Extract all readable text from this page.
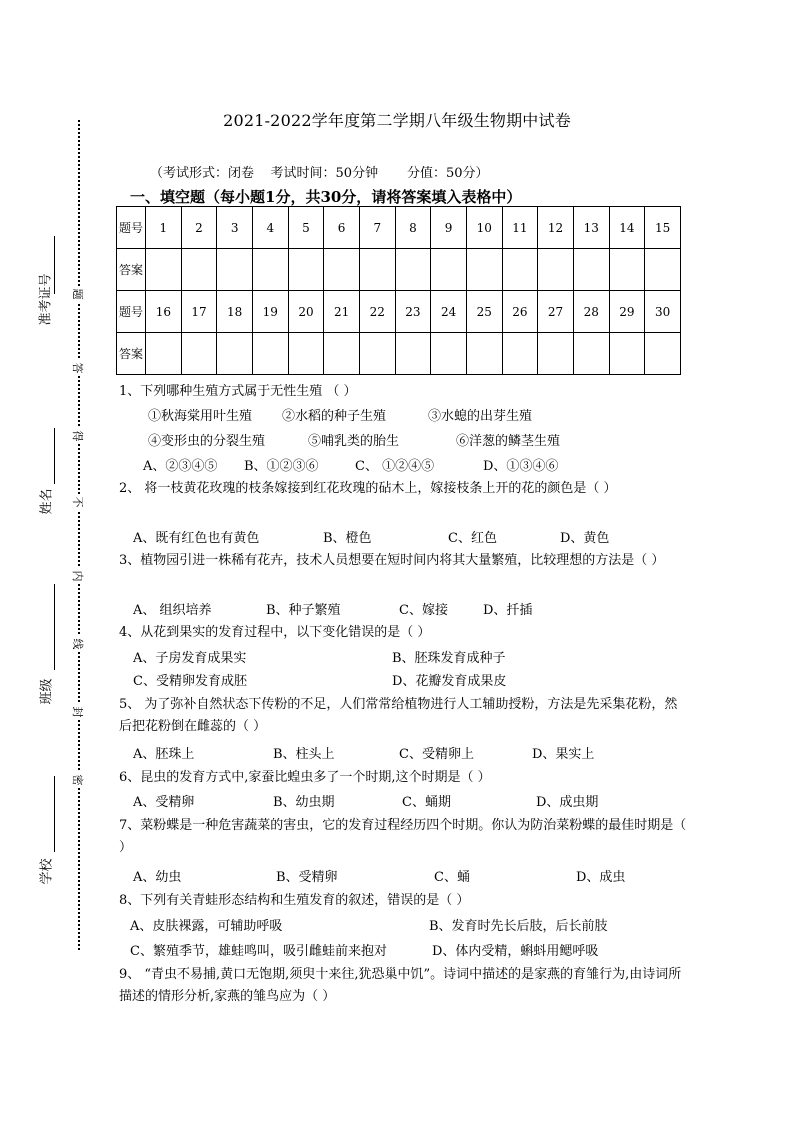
题
答
得
不
内
线
封
密
准考证号
姓名
班级
学校
2021-2022学年度第二学期八年级生物期中试卷
（考试形式：闭卷    考试时间：50分钟       分值：50分）
一、填空题（每小题1分，共30分，请将答案填入表格中）
题号	1	2	3	4	5	6	7	8	9	10	11	12	13	14	15
答案															
题号	16	17	18	19	20	21	22	23	24	25	26	27	28	29	30
答案															
1、下列哪种生殖方式属于无性生殖 （ ）
①秋海棠用叶生殖 ②水稻的种子生殖	③水螅的出芽生殖
④变形虫的分裂生殖	⑤哺乳类的胎生	⑥洋葱的鳞茎生殖
A、②③④⑤ B、①②③⑥	C、 ①②④⑤	D、①③④⑥
2、 将一枝黄花玫瑰的枝条嫁接到红花玫瑰的砧木上，嫁接枝条上开的花的颜色是（ ）
A、既有红色也有黄色	B、橙色	C、红色	D、黄色
3、植物园引进一株稀有花卉，技术人员想要在短时间内将其大量繁殖，比较理想的方法是（ ）
A、 组织培养	B、种子繁殖	C、嫁接	D、扦插
4、从花到果实的发育过程中，以下变化错误的是（ ）
A、子房发育成果实	B、胚珠发育成种子
C、受精卵发育成胚	D、花瓣发育成果皮
5、 为了弥补自然状态下传粉的不足，人们常常给植物进行人工辅助授粉，方法是先采集花粉，然后把花粉倒在雌蕊的（ ）
A、胚珠上	B、柱头上	C、受精卵上	D、果实上
6、昆虫的发育方式中,家蚕比蝗虫多了一个时期,这个时期是（ ）
A、受精卵	B、幼虫期	C、蛹期	D、成虫期
7、菜粉蝶是一种危害蔬菜的害虫，它的发育过程经历四个时期。你认为防治菜粉蝶的最佳时期是（ ）
A、幼虫	B、受精卵	C、蛹	D、成虫
8、下列有关青蛙形态结构和生殖发育的叙述，错误的是（ ）
A、皮肤裸露，可辅助呼吸	B、发育时先长后肢，后长前肢
C、繁殖季节，雄蛙鸣叫，吸引雌蛙前来抱对	D、体内受精，蝌蚪用鳃呼吸
9、 “青虫不易捕,黄口无饱期,须臾十来往,犹恐巢中饥”。诗词中描述的是家燕的育雏行为,由诗词所描述的情形分析,家燕的雏鸟应为（ ）
